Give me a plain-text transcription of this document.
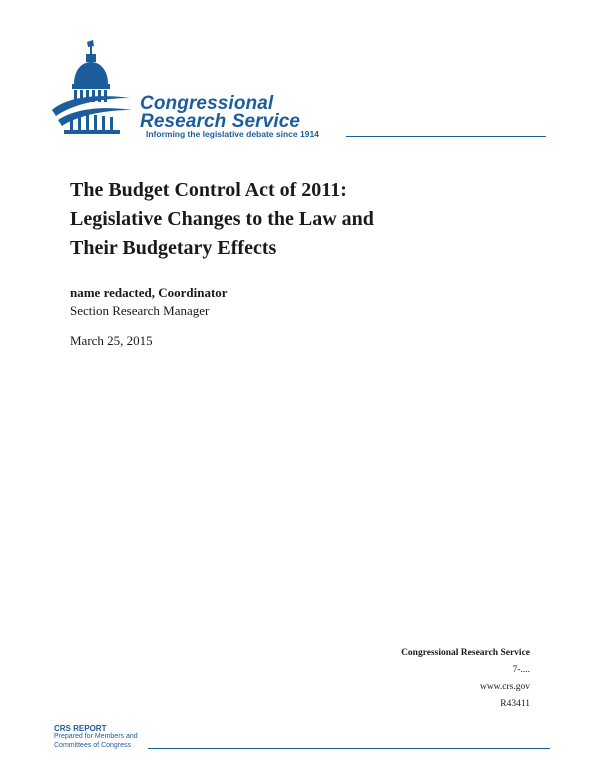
Congressional
Research Service
Informing the legislative debate since 1914
The Budget Control Act of 2011:
Legislative Changes to the Law and
Their Budgetary Effects
name redacted, Coordinator
Section Research Manager
March 25, 2015
Congressional Research Service
7-....
www.crs.gov
R43411
CRS REPORT
Prepared for Members and
Committees of Congress
